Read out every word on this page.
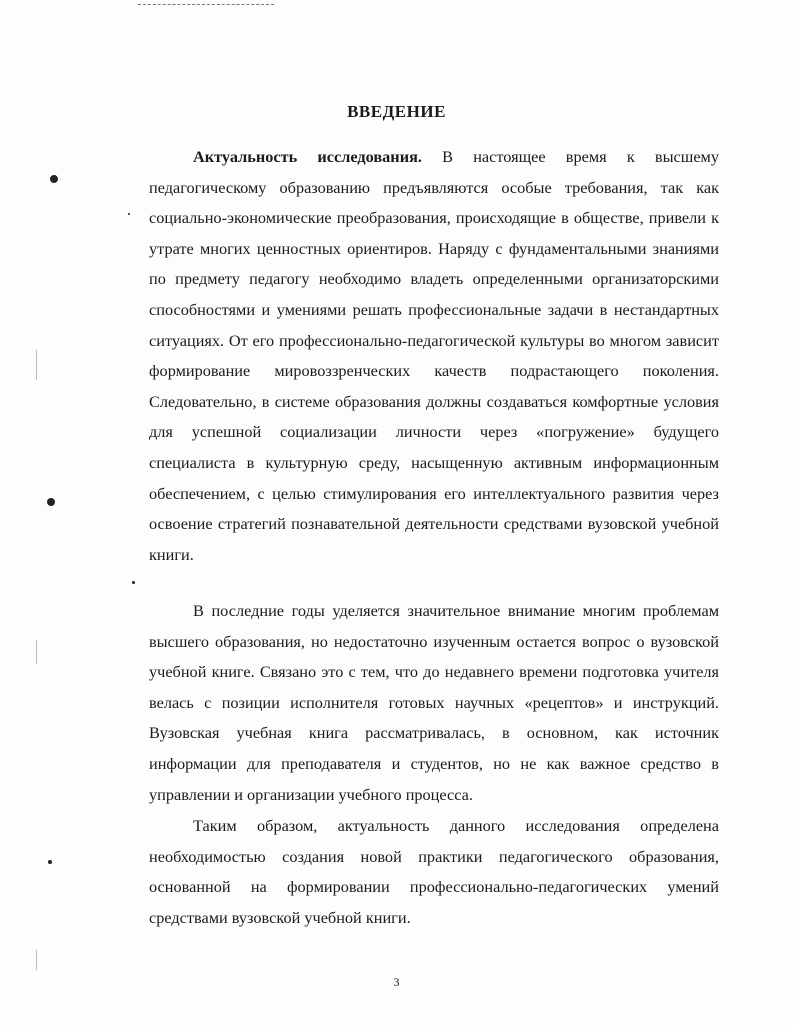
ВВЕДЕНИЕ

Актуальность исследования. В настоящее время к высшему педагогическому образованию предъявляются особые требования, так как социально-экономические преобразования, происходящие в обществе, привели к утрате многих ценностных ориентиров. Наряду с фундаментальными знаниями по предмету педагогу необходимо владеть определенными организаторскими способностями и умениями решать профессиональные задачи в нестандартных ситуациях. От его профессионально-педагогической культуры во многом зависит формирование мировоззренческих качеств подрастающего поколения. Следовательно, в системе образования должны создаваться комфортные условия для успешной социализации личности через «погружение» будущего специалиста в культурную среду, насыщенную активным информационным обеспечением, с целью стимулирования его интеллектуального развития через освоение стратегий познавательной деятельности средствами вузовской учебной книги.

В последние годы уделяется значительное внимание многим проблемам высшего образования, но недостаточно изученным остается вопрос о вузовской учебной книге. Связано это с тем, что до недавнего времени подготовка учителя велась с позиции исполнителя готовых научных «рецептов» и инструкций. Вузовская учебная книга рассматривалась, в основном, как источник информации для преподавателя и студентов, но не как важное средство в управлении и организации учебного процесса.

Таким образом, актуальность данного исследования определена необходимостью создания новой практики педагогического образования, основанной на формировании профессионально-педагогических умений средствами вузовской учебной книги.

3
